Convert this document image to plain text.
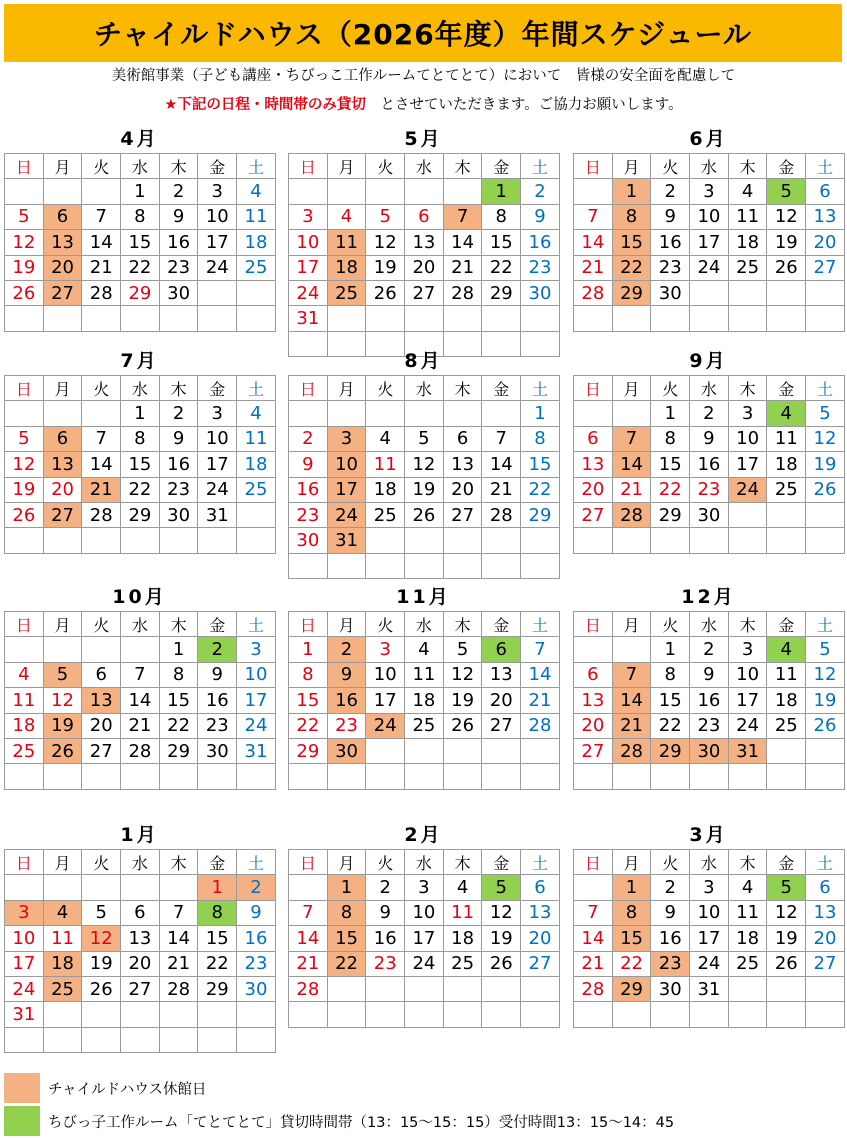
チャイルドハウス（2026年度）年間スケジュール
美術館事業（子ども講座・ちびっこ工作ルームてとてとて）において　皆様の安全面を配慮して
★下記の日程・時間帯のみ貸切　とさせていただきます。ご協力お願いします。
4月
日	月	火	水	木	金	土
			1	2	3	4
5	6	7	8	9	10	11
12	13	14	15	16	17	18
19	20	21	22	23	24	25
26	27	28	29	30		

5月
日	月	火	水	木	金	土
					1	2
3	4	5	6	7	8	9
10	11	12	13	14	15	16
17	18	19	20	21	22	23
24	25	26	27	28	29	30
31						

6月
日	月	火	水	木	金	土
	1	2	3	4	5	6
7	8	9	10	11	12	13
14	15	16	17	18	19	20
21	22	23	24	25	26	27
28	29	30				

7月
日	月	火	水	木	金	土
			1	2	3	4
5	6	7	8	9	10	11
12	13	14	15	16	17	18
19	20	21	22	23	24	25
26	27	28	29	30	31	

8月
日	月	火	水	木	金	土
						1
2	3	4	5	6	7	8
9	10	11	12	13	14	15
16	17	18	19	20	21	22
23	24	25	26	27	28	29
30	31					

9月
日	月	火	水	木	金	土
		1	2	3	4	5
6	7	8	9	10	11	12
13	14	15	16	17	18	19
20	21	22	23	24	25	26
27	28	29	30			

10月
日	月	火	水	木	金	土
				1	2	3
4	5	6	7	8	9	10
11	12	13	14	15	16	17
18	19	20	21	22	23	24
25	26	27	28	29	30	31

11月
日	月	火	水	木	金	土
1	2	3	4	5	6	7
8	9	10	11	12	13	14
15	16	17	18	19	20	21
22	23	24	25	26	27	28
29	30					

12月
日	月	火	水	木	金	土
		1	2	3	4	5
6	7	8	9	10	11	12
13	14	15	16	17	18	19
20	21	22	23	24	25	26
27	28	29	30	31		

1月
日	月	火	水	木	金	土
					1	2
3	4	5	6	7	8	9
10	11	12	13	14	15	16
17	18	19	20	21	22	23
24	25	26	27	28	29	30
31						

2月
日	月	火	水	木	金	土
	1	2	3	4	5	6
7	8	9	10	11	12	13
14	15	16	17	18	19	20
21	22	23	24	25	26	27
28						

3月
日	月	火	水	木	金	土
	1	2	3	4	5	6
7	8	9	10	11	12	13
14	15	16	17	18	19	20
21	22	23	24	25	26	27
28	29	30	31			

チャイルドハウス休館日
ちびっ子工作ルーム「てとてとて」貸切時間帯（13：15〜15：15）受付時間13：15〜14：45
